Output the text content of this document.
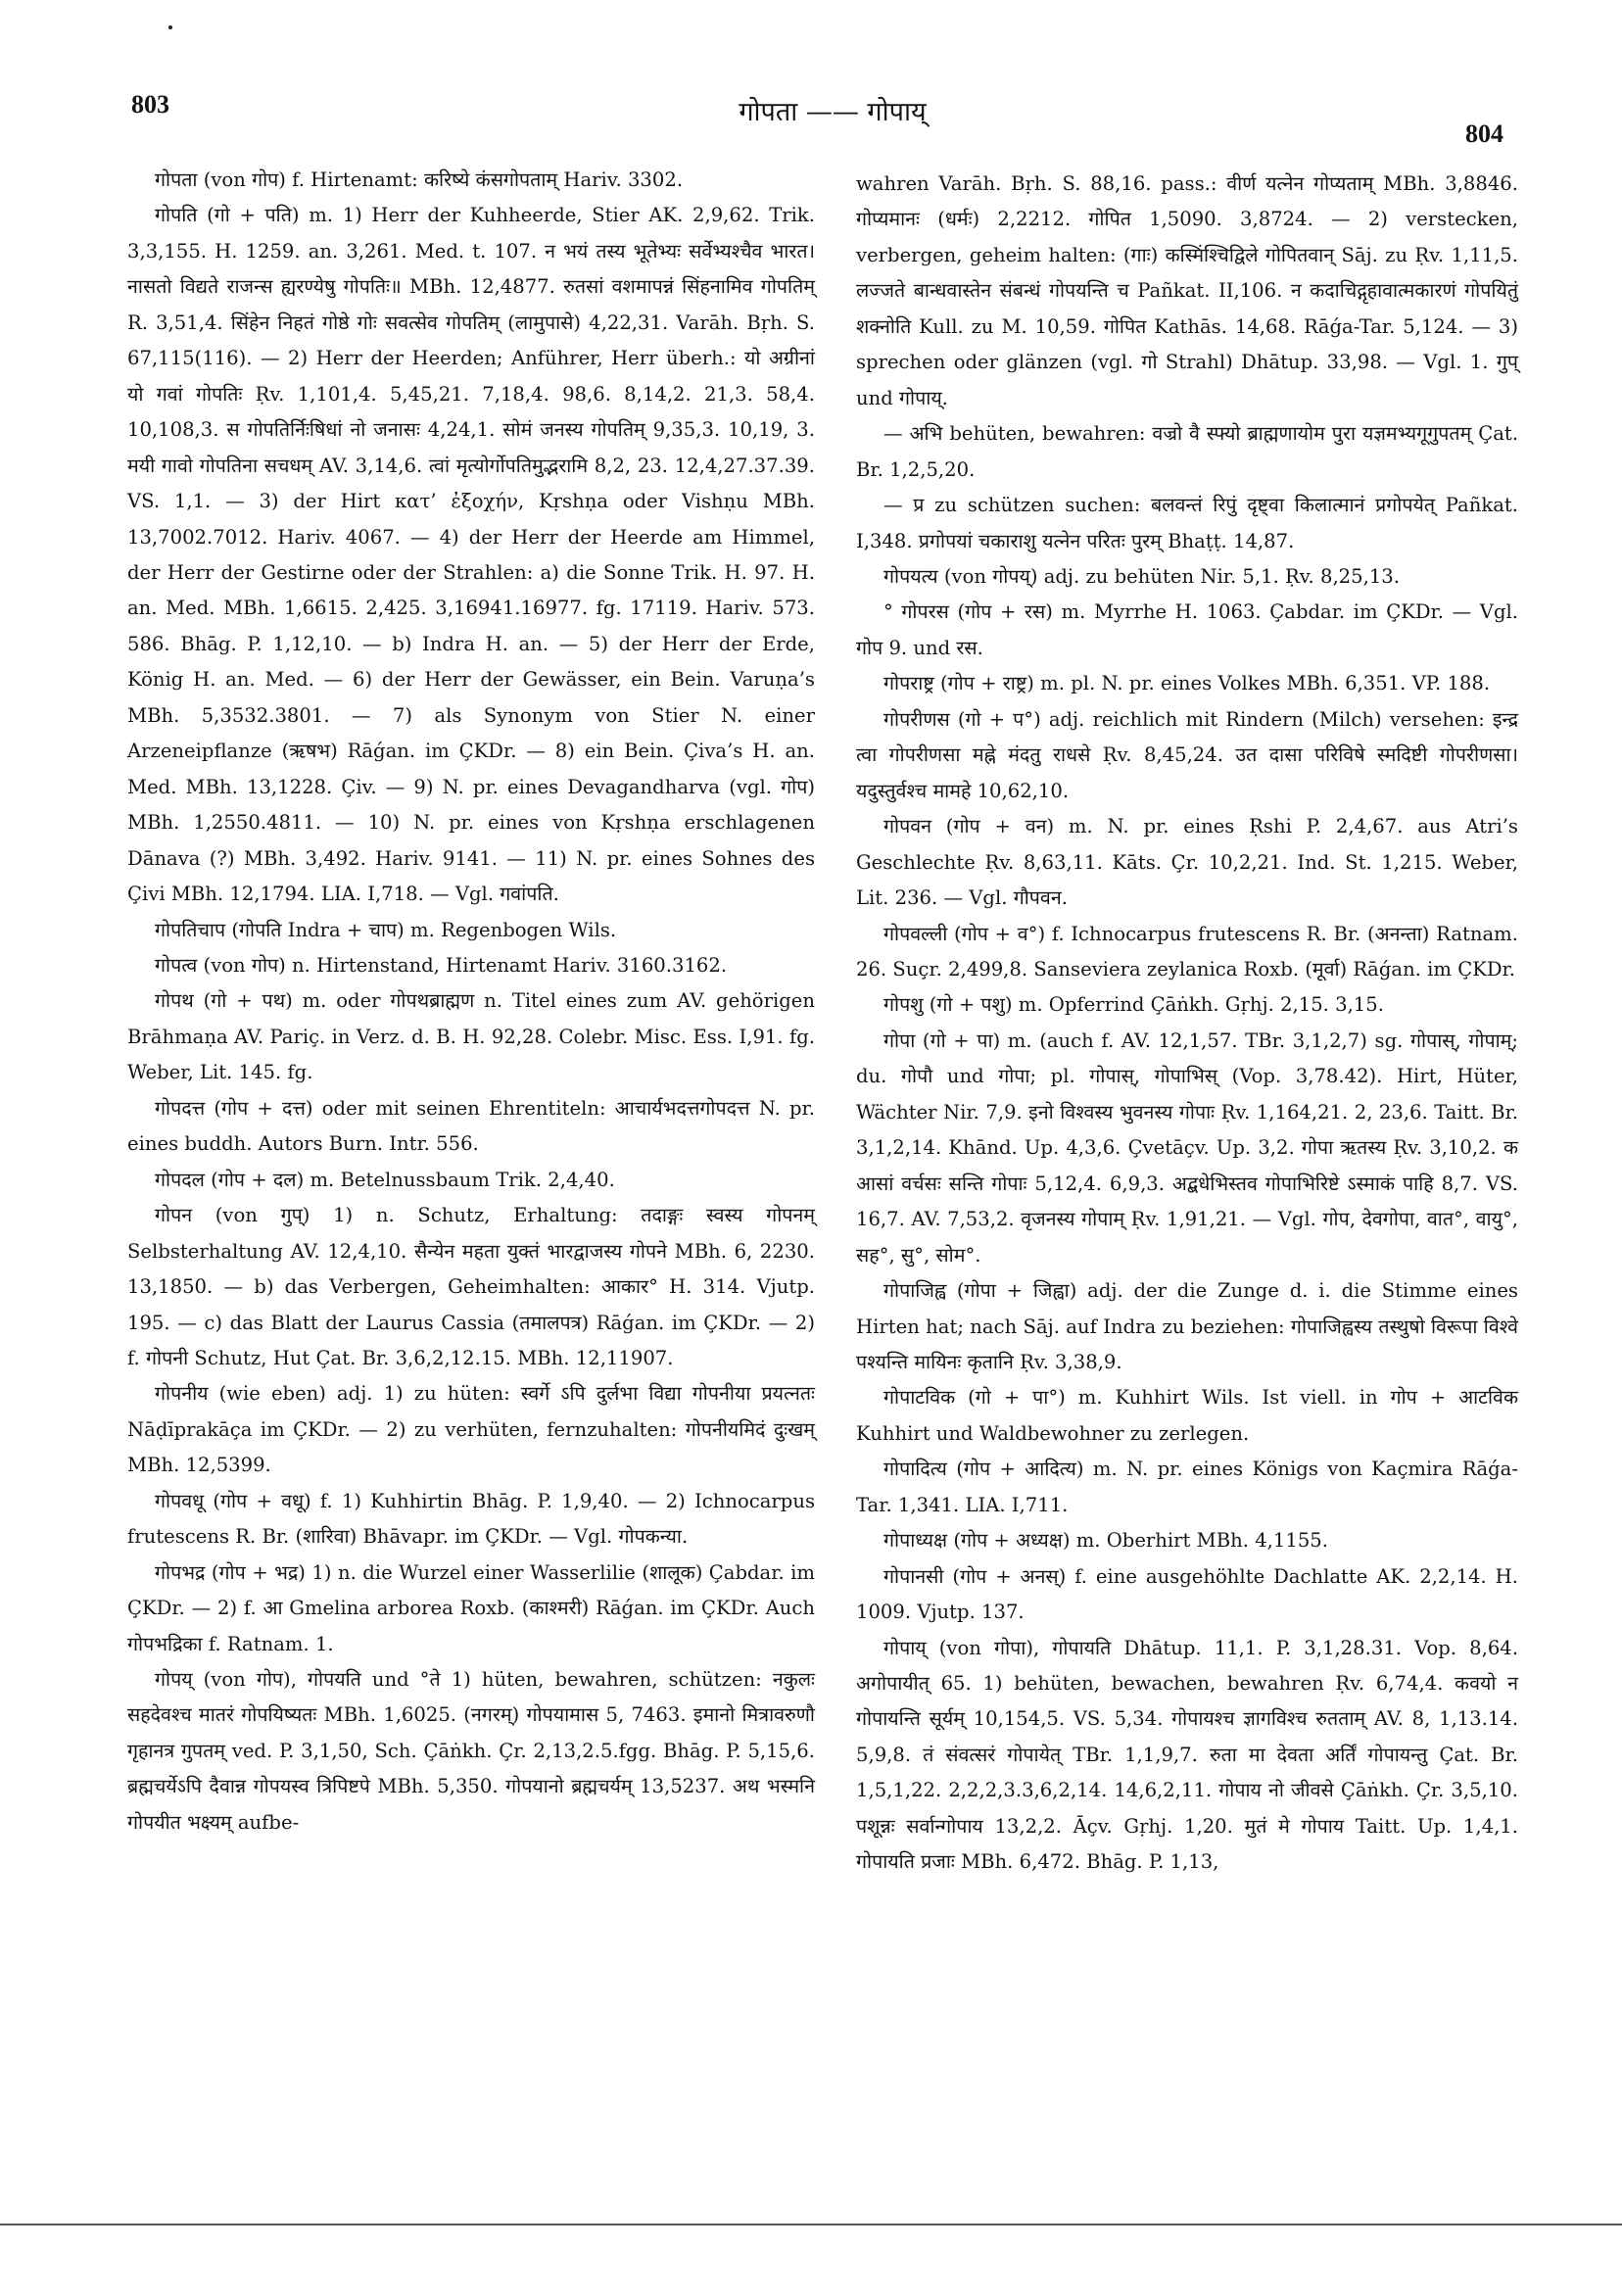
803	गोपता —— गोपाय्
804

गोपता (von गोप) f. Hirtenamt: करिष्ये कंसगोपताम् Hariv. 3302.

गोपति (गो + पति) m. 1) Herr der Kuhheerde, Stier AK. 2,9,62. Trik. 3,3,155. H. 1259. an. 3,261. Med. t. 107. न भयं तस्य भूतेभ्यः सर्वेभ्यश्चैव भारत। नासतो विद्यते राजन्स ह्यरण्येषु गोपतिः॥ MBh. 12,4877. रुतसां वशमापन्नं सिंहनामिव गोपतिम् R. 3,51,4. सिंहेन निहतं गोष्ठे गोः सवत्सेव गोपतिम् (लामुपासे) 4,22,31. Varāh. Bṛh. S. 67,115(116). — 2) Herr der Heerden; Anführer, Herr überh.: यो अग्रीनां यो गवां गोपतिः Ṛv. 1,101,4. 5,45,21. 7,18,4. 98,6. 8,14,2. 21,3. 58,4. 10,108,3. स गोपतिर्निःषिधां नो जनासः 4,24,1. सोमं जनस्य गोपतिम् 9,35,3. 10,19, 3. मयी गावो गोपतिना सचधम् AV. 3,14,6. त्वां मृत्योर्गोपतिमुद्भरामि 8,2, 23. 12,4,27.37.39. VS. 1,1. — 3) der Hirt κατ’ ἐξοχήν, Kṛshṇa oder Vishṇu MBh. 13,7002.7012. Hariv. 4067. — 4) der Herr der Heerde am Himmel, der Herr der Gestirne oder der Strahlen: a) die Sonne Trik. H. 97. H. an. Med. MBh. 1,6615. 2,425. 3,16941.16977. fg. 17119. Hariv. 573. 586. Bhāg. P. 1,12,10. — b) Indra H. an. — 5) der Herr der Erde, König H. an. Med. — 6) der Herr der Gewässer, ein Bein. Varuṇa’s MBh. 5,3532.3801. — 7) als Synonym von Stier N. einer Arzeneipflanze (ऋषभ) Rāǵan. im ÇKDr. — 8) ein Bein. Çiva’s H. an. Med. MBh. 13,1228. Çiv. — 9) N. pr. eines Devagandharva (vgl. गोप) MBh. 1,2550.4811. — 10) N. pr. eines von Kṛshṇa erschlagenen Dānava (?) MBh. 3,492. Hariv. 9141. — 11) N. pr. eines Sohnes des Çivi MBh. 12,1794. LIA. I,718. — Vgl. गवांपति.

गोपतिचाप (गोपति Indra + चाप) m. Regenbogen Wils.

गोपत्व (von गोप) n. Hirtenstand, Hirtenamt Hariv. 3160.3162.

गोपथ (गो + पथ) m. oder गोपथब्राह्मण n. Titel eines zum AV. gehörigen Brāhmaṇa AV. Pariç. in Verz. d. B. H. 92,28. Colebr. Misc. Ess. I,91. fg. Weber, Lit. 145. fg.

गोपदत्त (गोप + दत्त) oder mit seinen Ehrentiteln: आचार्यभदत्तगोपदत्त N. pr. eines buddh. Autors Burn. Intr. 556.

गोपदल (गोप + दल) m. Betelnussbaum Trik. 2,4,40.

गोपन (von गुप्) 1) n. Schutz, Erhaltung: तदाङ्गः स्वस्य गोपनम् Selbsterhaltung AV. 12,4,10. सैन्येन महता युक्तं भारद्वाजस्य गोपने MBh. 6, 2230. 13,1850. — b) das Verbergen, Geheimhalten: आकार° H. 314. Vjutp. 195. — c) das Blatt der Laurus Cassia (तमालपत्र) Rāǵan. im ÇKDr. — 2) f. गोपनी Schutz, Hut Çat. Br. 3,6,2,12.15. MBh. 12,11907.

गोपनीय (wie eben) adj. 1) zu hüten: स्वर्गे ऽपि दुर्लभा विद्या गोपनीया प्रयत्नतः Nāḍīprakāça im ÇKDr. — 2) zu verhüten, fernzuhalten: गोपनीयमिदं दुःखम् MBh. 12,5399.

गोपवधू (गोप + वधू) f. 1) Kuhhirtin Bhāg. P. 1,9,40. — 2) Ichnocarpus frutescens R. Br. (शारिवा) Bhāvapr. im ÇKDr. — Vgl. गोपकन्या.

गोपभद्र (गोप + भद्र) 1) n. die Wurzel einer Wasserlilie (शालूक) Çabdar. im ÇKDr. — 2) f. आ Gmelina arborea Roxb. (काश्मरी) Rāǵan. im ÇKDr. Auch गोपभद्रिका f. Ratnam. 1.

गोपय् (von गोप), गोपयति und °ते 1) hüten, bewahren, schützen: नकुलः सहदेवश्च मातरं गोपयिष्यतः MBh. 1,6025. (नगरम्) गोपयामास 5, 7463. इमानो मित्रावरुणौ गृहानत्र गुपतम् ved. P. 3,1,50, Sch. Çāṅkh. Çr. 2,13,2.5.fgg. Bhāg. P. 5,15,6. ब्रह्मचर्येऽपि दैवान्न गोपयस्व त्रिपिष्टपे MBh. 5,350. गोपयानो ब्रह्मचर्यम् 13,5237. अथ भस्मनि गोपयीत भक्ष्यम् aufbe-

wahren Varāh. Bṛh. S. 88,16. pass.: वीर्ण यत्नेन गोप्यताम् MBh. 3,8846. गोप्यमानः (धर्मः) 2,2212. गोपित 1,5090. 3,8724. — 2) verstecken, verbergen, geheim halten: (गाः) कस्मिंश्चिद्विले गोपितवान् Sāj. zu Ṛv. 1,11,5. लज्जते बान्धवास्तेन संबन्धं गोपयन्ति च Pañkat. II,106. न कदाचिद्गृहावात्मकारणं गोपयितुं शक्नोति Kull. zu M. 10,59. गोपित Kathās. 14,68. Rāǵa-Tar. 5,124. — 3) sprechen oder glänzen (vgl. गो Strahl) Dhātup. 33,98. — Vgl. 1. गुप् und गोपाय्.

— अभि behüten, bewahren: वज्रो वै स्फ्यो ब्राह्मणायोम पुरा यज्ञमभ्यगूगुपतम् Çat. Br. 1,2,5,20.

— प्र zu schützen suchen: बलवन्तं रिपुं दृष्ट्वा किलात्मानं प्रगोपयेत् Pañkat. I,348. प्रगोपयां चकाराशु यत्नेन परितः पुरम् Bhaṭṭ. 14,87.

गोपयत्य (von गोपय्) adj. zu behüten Nir. 5,1. Ṛv. 8,25,13.

° गोपरस (गोप + रस) m. Myrrhe H. 1063. Çabdar. im ÇKDr. — Vgl. गोप 9. und रस.

गोपराष्ट्र (गोप + राष्ट्र) m. pl. N. pr. eines Volkes MBh. 6,351. VP. 188.

गोपरीणस (गो + प°) adj. reichlich mit Rindern (Milch) versehen: इन्द्र त्वा गोपरीणसा मह्ने मंदतु राधसे Ṛv. 8,45,24. उत दासा परिविषे स्मदिष्टी गोपरीणसा। यदुस्तुर्वश्च मामहे 10,62,10.

गोपवन (गोप + वन) m. N. pr. eines Ṛshi P. 2,4,67. aus Atri’s Geschlechte Ṛv. 8,63,11. Kāts. Çr. 10,2,21. Ind. St. 1,215. Weber, Lit. 236. — Vgl. गौपवन.

गोपवल्ली (गोप + व°) f. Ichnocarpus frutescens R. Br. (अनन्ता) Ratnam. 26. Suçr. 2,499,8. Sanseviera zeylanica Roxb. (मूर्वा) Rāǵan. im ÇKDr.

गोपशु (गो + पशु) m. Opferrind Çāṅkh. Gṛhj. 2,15. 3,15.

गोपा (गो + पा) m. (auch f. AV. 12,1,57. TBr. 3,1,2,7) sg. गोपास्, गोपाम्; du. गोपौ und गोपा; pl. गोपास्, गोपाभिस् (Vop. 3,78.42). Hirt, Hüter, Wächter Nir. 7,9. इनो विश्वस्य भुवनस्य गोपाः Ṛv. 1,164,21. 2, 23,6. Taitt. Br. 3,1,2,14. Khānd. Up. 4,3,6. Çvetāçv. Up. 3,2. गोपा ऋतस्य Ṛv. 3,10,2. क आसां वर्चसः सन्ति गोपाः 5,12,4. 6,9,3. अद्बधेभिस्तव गोपाभिरिष्टे ऽस्माकं पाहि 8,7. VS. 16,7. AV. 7,53,2. वृजनस्य गोपाम् Ṛv. 1,91,21. — Vgl. गोप, देवगोपा, वात°, वायु°, सह°, सु°, सोम°.

गोपाजिह्व (गोपा + जिह्वा) adj. der die Zunge d. i. die Stimme eines Hirten hat; nach Sāj. auf Indra zu beziehen: गोपाजिह्वस्य तस्थुषो विरूपा विश्वे पश्यन्ति मायिनः कृतानि Ṛv. 3,38,9.

गोपाटविक (गो + पा°) m. Kuhhirt Wils. Ist viell. in गोप + आटविक Kuhhirt und Waldbewohner zu zerlegen.

गोपादित्य (गोप + आदित्य) m. N. pr. eines Königs von Kaçmira Rāǵa-Tar. 1,341. LIA. I,711.

गोपाध्यक्ष (गोप + अध्यक्ष) m. Oberhirt MBh. 4,1155.

गोपानसी (गोप + अनस्) f. eine ausgehöhlte Dachlatte AK. 2,2,14. H. 1009. Vjutp. 137.

गोपाय् (von गोपा), गोपायति Dhātup. 11,1. P. 3,1,28.31. Vop. 8,64. अगोपायीत् 65. 1) behüten, bewachen, bewahren Ṛv. 6,74,4. कवयो न गोपायन्ति सूर्यम् 10,154,5. VS. 5,34. गोपायश्च ज्ञागविश्च रुतताम् AV. 8, 1,13.14. 5,9,8. तं संवत्सरं गोपायेत् TBr. 1,1,9,7. रुता मा देवता अर्तिं गोपायन्तु Çat. Br. 1,5,1,22. 2,2,2,3.3,6,2,14. 14,6,2,11. गोपाय नो जीवसे Çāṅkh. Çr. 3,5,10. पशून्नः सर्वान्गोपाय 13,2,2. Āçv. Gṛhj. 1,20. मुतं मे गोपाय Taitt. Up. 1,4,1. गोपायति प्रजाः MBh. 6,472. Bhāg. P. 1,13,
